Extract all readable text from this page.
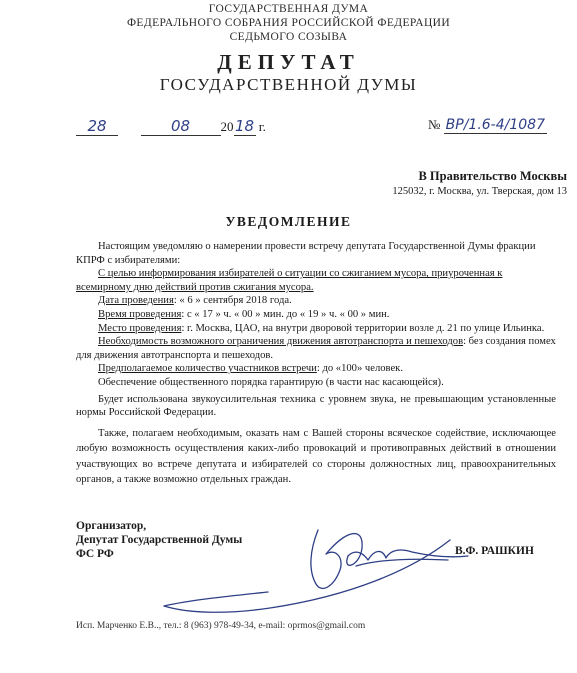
ГОСУДАРСТВЕННАЯ ДУМА
ФЕДЕРАЛЬНОГО СОБРАНИЯ РОССИЙСКОЙ ФЕДЕРАЦИИ
СЕДЬМОГО СОЗЫВА
ДЕПУТАТ
ГОСУДАРСТВЕННОЙ ДУМЫ
28	08 2018 г.	№ ВР/1.6-4/1087
В Правительство Москвы
125032, г. Москва, ул. Тверская, дом 13
УВЕДОМЛЕНИЕ

Настоящим уведомляю о намерении провести встречу депутата Государственной Думы фракции КПРФ с избирателями:

С целью информирования избирателей о ситуации со сжиганием мусора, приуроченная к всемирному дню действий против сжигания мусора.

Дата проведения: « 6 » сентября 2018 года.

Время проведения: с « 17 » ч. « 00 » мин. до « 19 » ч. « 00 » мин.

Место проведения: г. Москва, ЦАО, на внутри дворовой территории возле д. 21 по улице Ильинка.

Необходимость возможного ограничения движения автотранспорта и пешеходов: без создания помех для движения автотранспорта и пешеходов.

Предполагаемое количество участников встречи: до «100» человек.

Обеспечение общественного порядка гарантирую (в части нас касающейся).

Будет использована звукоусилительная техника с уровнем звука, не превышающим установленные нормы Российской Федерации.

Также, полагаем необходимым, оказать нам с Вашей стороны всяческое содействие, исключающее любую возможность осуществления каких-либо провокаций и противоправных действий в отношении участвующих во встрече депутата и избирателей со стороны должностных лиц, правоохранительных органов, а также возможно отдельных граждан.

Организатор,
Депутат Государственной Думы
ФС РФ	В.Ф. РАШКИН
Исп. Марченко Е.В.., тел.: 8 (963) 978-49-34, e-mail: oprmos@gmail.com
